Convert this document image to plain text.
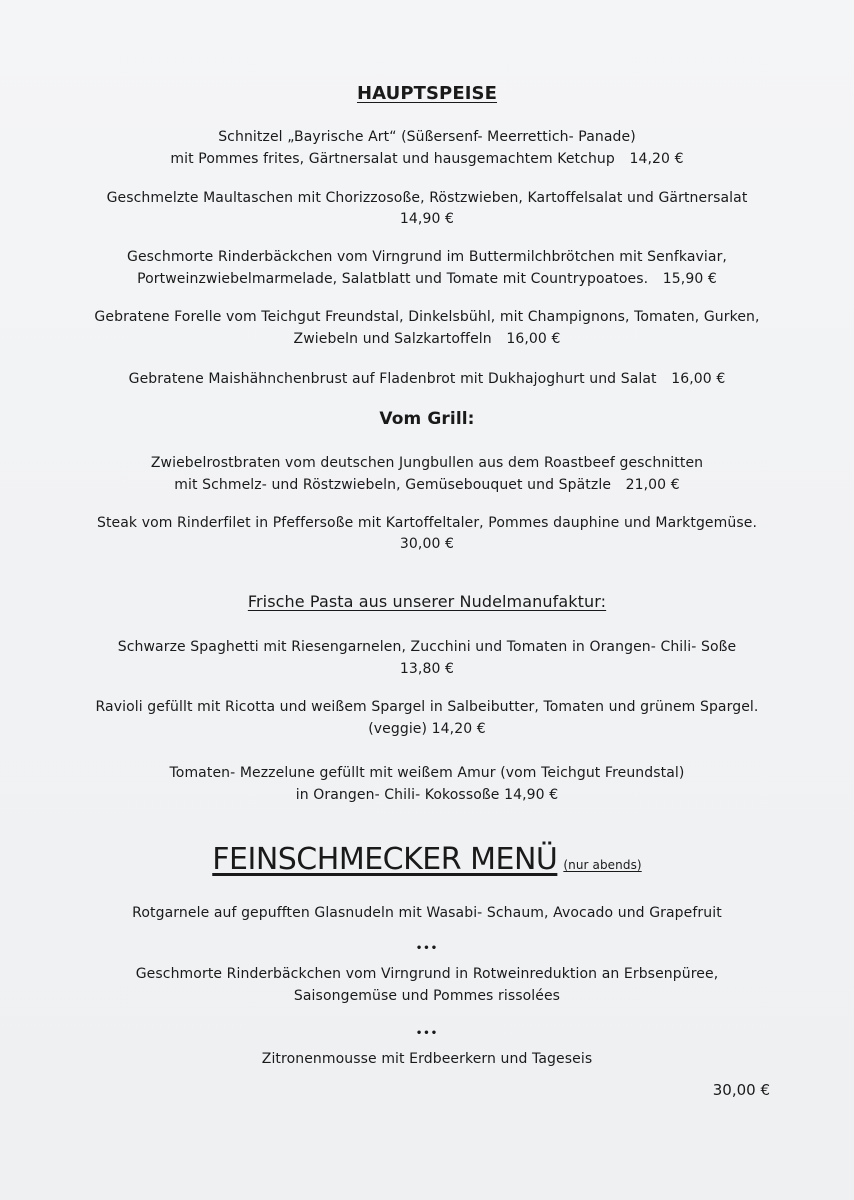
HAUPTSPEISE
Schnitzel „Bayrische Art“ (Süßersenf- Meerrettich- Panade)
mit Pommes frites, Gärtnersalat und hausgemachtem Ketchup 14,20 €
Geschmelzte Maultaschen mit Chorizzosoße, Röstzwieben, Kartoffelsalat und Gärtnersalat
14,90 €
Geschmorte Rinderbäckchen vom Virngrund im Buttermilchbrötchen mit Senfkaviar,
Portweinzwiebelmarmelade, Salatblatt und Tomate mit Countrypoatoes. 15,90 €
Gebratene Forelle vom Teichgut Freundstal, Dinkelsbühl, mit Champignons, Tomaten, Gurken,
Zwiebeln und Salzkartoffeln 16,00 €
Gebratene Maishähnchenbrust auf Fladenbrot mit Dukhajoghurt und Salat 16,00 €
Vom Grill:
Zwiebelrostbraten vom deutschen Jungbullen aus dem Roastbeef geschnitten
mit Schmelz- und Röstzwiebeln, Gemüsebouquet und Spätzle 21,00 €
Steak vom Rinderfilet in Pfeffersoße mit Kartoffeltaler, Pommes dauphine und Marktgemüse.
30,00 €
Frische Pasta aus unserer Nudelmanufaktur:
Schwarze Spaghetti mit Riesengarnelen, Zucchini und Tomaten in Orangen- Chili- Soße
13,80 €
Ravioli gefüllt mit Ricotta und weißem Spargel in Salbeibutter, Tomaten und grünem Spargel.
(veggie) 14,20 €
Tomaten- Mezzelune gefüllt mit weißem Amur (vom Teichgut Freundstal)
in Orangen- Chili- Kokossoße 14,90 €
FEINSCHMECKER MENÜ (nur abends)
Rotgarnele auf gepufften Glasnudeln mit Wasabi- Schaum, Avocado und Grapefruit
•••
Geschmorte Rinderbäckchen vom Virngrund in Rotweinreduktion an Erbsenpüree,
Saisongemüse und Pommes rissolées
•••
Zitronenmousse mit Erdbeerkern und Tageseis
30,00 €
